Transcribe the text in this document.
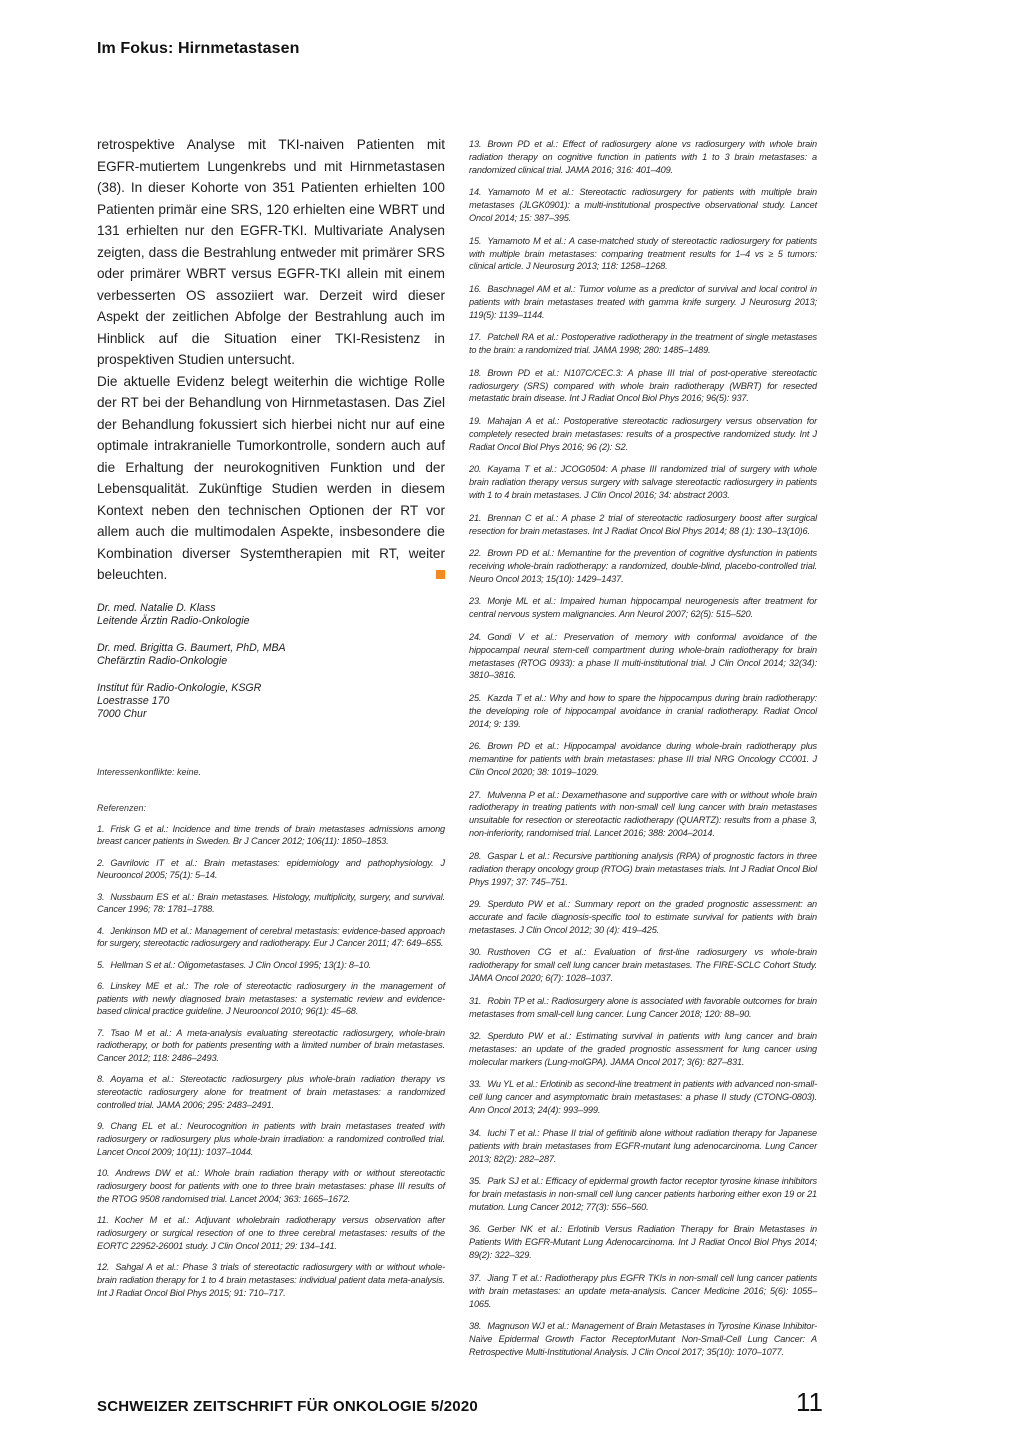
Im Fokus: Hirnmetastasen

retrospektive Analyse mit TKI-naiven Patienten mit EGFR-mutiertem Lungenkrebs und mit Hirnmetastasen (38). In dieser Kohorte von 351 Patienten erhielten 100 Patienten primär eine SRS, 120 erhielten eine WBRT und 131 erhielten nur den EGFR-TKI. Multivariate Analysen zeigten, dass die Bestrahlung entweder mit primärer SRS oder primärer WBRT versus EGFR-TKI allein mit einem verbesserten OS assoziiert war. Derzeit wird dieser Aspekt der zeitlichen Abfolge der Bestrahlung auch im Hinblick auf die Situation einer TKI-Resistenz in prospektiven Studien untersucht.

Die aktuelle Evidenz belegt weiterhin die wichtige Rolle der RT bei der Behandlung von Hirnmetastasen. Das Ziel der Behandlung fokussiert sich hierbei nicht nur auf eine optimale intrakranielle Tumorkontrolle, sondern auch auf die Erhaltung der neurokognitiven Funktion und der Lebensqualität. Zukünftige Studien werden in diesem Kontext neben den technischen Optionen der RT vor allem auch die multimodalen Aspekte, insbesondere die Kombination diverser Systemtherapien mit RT, weiter beleuchten.

Dr. med. Natalie D. Klass
Leitende Ärztin Radio-Onkologie
Dr. med. Brigitta G. Baumert, PhD, MBA
Chefärztin Radio-Onkologie
Institut für Radio-Onkologie, KSGR
Loestrasse 170
7000 Chur
Interessenkonflikte: keine.
Referenzen:

1. Frisk G et al.: Incidence and time trends of brain metastases admissions among breast cancer patients in Sweden. Br J Cancer 2012; 106(11): 1850–1853.

2. Gavrilovic IT et al.: Brain metastases: epidemiology and pathophysiology. J Neurooncol 2005; 75(1): 5–14.

3. Nussbaum ES et al.: Brain metastases. Histology, multiplicity, surgery, and survival. Cancer 1996; 78: 1781–1788.

4. Jenkinson MD et al.: Management of cerebral metastasis: evidence-based approach for surgery, stereotactic radiosurgery and radiotherapy. Eur J Cancer 2011; 47: 649–655.

5. Hellman S et al.: Oligometastases. J Clin Oncol 1995; 13(1): 8–10.

6. Linskey ME et al.: The role of stereotactic radiosurgery in the management of patients with newly diagnosed brain metastases: a systematic review and evidence-based clinical practice guideline. J Neurooncol 2010; 96(1): 45–68.

7. Tsao M et al.: A meta-analysis evaluating stereotactic radiosurgery, whole-brain radiotherapy, or both for patients presenting with a limited number of brain metastases. Cancer 2012; 118: 2486–2493.

8. Aoyama et al.: Stereotactic radiosurgery plus whole-brain radiation therapy vs stereotactic radiosurgery alone for treatment of brain metastases: a randomized controlled trial. JAMA 2006; 295: 2483–2491.

9. Chang EL et al.: Neurocognition in patients with brain metastases treated with radiosurgery or radiosurgery plus whole-brain irradiation: a randomized controlled trial. Lancet Oncol 2009; 10(11): 1037–1044.

10. Andrews DW et al.: Whole brain radiation therapy with or without stereotactic radiosurgery boost for patients with one to three brain metastases: phase III results of the RTOG 9508 randomised trial. Lancet 2004; 363: 1665–1672.

11. Kocher M et al.: Adjuvant wholebrain radiotherapy versus observation after radiosurgery or surgical resection of one to three cerebral metastases: results of the EORTC 22952-26001 study. J Clin Oncol 2011; 29: 134–141.

12. Sahgal A et al.: Phase 3 trials of stereotactic radiosurgery with or without whole-brain radiation therapy for 1 to 4 brain metastases: individual patient data meta-analysis. Int J Radiat Oncol Biol Phys 2015; 91: 710–717.

13. Brown PD et al.: Effect of radiosurgery alone vs radiosurgery with whole brain radiation therapy on cognitive function in patients with 1 to 3 brain metastases: a randomized clinical trial. JAMA 2016; 316: 401–409.

14. Yamamoto M et al.: Stereotactic radiosurgery for patients with multiple brain metastases (JLGK0901): a multi-institutional prospective observational study. Lancet Oncol 2014; 15: 387–395.

15. Yamamoto M et al.: A case-matched study of stereotactic radiosurgery for patients with multiple brain metastases: comparing treatment results for 1–4 vs ≥ 5 tumors: clinical article. J Neurosurg 2013; 118: 1258–1268.

16. Baschnagel AM et al.: Tumor volume as a predictor of survival and local control in patients with brain metastases treated with gamma knife surgery. J Neurosurg 2013; 119(5): 1139–1144.

17. Patchell RA et al.: Postoperative radiotherapy in the treatment of single metastases to the brain: a randomized trial. JAMA 1998; 280: 1485–1489.

18. Brown PD et al.: N107C/CEC.3: A phase III trial of post-operative stereotactic radiosurgery (SRS) compared with whole brain radiotherapy (WBRT) for resected metastatic brain disease. Int J Radiat Oncol Biol Phys 2016; 96(5): 937.

19. Mahajan A et al.: Postoperative stereotactic radiosurgery versus observation for completely resected brain metastases: results of a prospective randomized study. Int J Radiat Oncol Biol Phys 2016; 96 (2): S2.

20. Kayama T et al.: JCOG0504: A phase III randomized trial of surgery with whole brain radiation therapy versus surgery with salvage stereotactic radiosurgery in patients with 1 to 4 brain metastases. J Clin Oncol 2016; 34: abstract 2003.

21. Brennan C et al.: A phase 2 trial of stereotactic radiosurgery boost after surgical resection for brain metastases. Int J Radiat Oncol Biol Phys 2014; 88 (1): 130–13(10)6.

22. Brown PD et al.: Memantine for the prevention of cognitive dysfunction in patients receiving whole-brain radiotherapy: a randomized, double-blind, placebo-controlled trial. Neuro Oncol 2013; 15(10): 1429–1437.

23. Monje ML et al.: Impaired human hippocampal neurogenesis after treatment for central nervous system malignancies. Ann Neurol 2007; 62(5): 515–520.

24. Gondi V et al.: Preservation of memory with conformal avoidance of the hippocampal neural stem-cell compartment during whole-brain radiotherapy for brain metastases (RTOG 0933): a phase II multi-institutional trial. J Clin Oncol 2014; 32(34): 3810–3816.

25. Kazda T et al.: Why and how to spare the hippocampus during brain radiotherapy: the developing role of hippocampal avoidance in cranial radiotherapy. Radiat Oncol 2014; 9: 139.

26. Brown PD et al.: Hippocampal avoidance during whole-brain radiotherapy plus memantine for patients with brain metastases: phase III trial NRG Oncology CC001. J Clin Oncol 2020; 38: 1019–1029.

27. Mulvenna P et al.: Dexamethasone and supportive care with or without whole brain radiotherapy in treating patients with non-small cell lung cancer with brain metastases unsuitable for resection or stereotactic radiotherapy (QUARTZ): results from a phase 3, non-inferiority, randomised trial. Lancet 2016; 388: 2004–2014.

28. Gaspar L et al.: Recursive partitioning analysis (RPA) of prognostic factors in three radiation therapy oncology group (RTOG) brain metastases trials. Int J Radiat Oncol Biol Phys 1997; 37: 745–751.

29. Sperduto PW et al.: Summary report on the graded prognostic assessment: an accurate and facile diagnosis-specific tool to estimate survival for patients with brain metastases. J Clin Oncol 2012; 30 (4): 419–425.

30. Rusthoven CG et al.: Evaluation of first-line radiosurgery vs whole-brain radiotherapy for small cell lung cancer brain metastases. The FIRE-SCLC Cohort Study. JAMA Oncol 2020; 6(7): 1028–1037.

31. Robin TP et al.: Radiosurgery alone is associated with favorable outcomes for brain metastases from small-cell lung cancer. Lung Cancer 2018; 120: 88–90.

32. Sperduto PW et al.: Estimating survival in patients with lung cancer and brain metastases: an update of the graded prognostic assessment for lung cancer using molecular markers (Lung-molGPA). JAMA Oncol 2017; 3(6): 827–831.

33. Wu YL et al.: Erlotinib as second-line treatment in patients with advanced non-small-cell lung cancer and asymptomatic brain metastases: a phase II study (CTONG-0803). Ann Oncol 2013; 24(4): 993–999.

34. Iuchi T et al.: Phase II trial of gefitinib alone without radiation therapy for Japanese patients with brain metastases from EGFR-mutant lung adenocarcinoma. Lung Cancer 2013; 82(2): 282–287.

35. Park SJ et al.: Efficacy of epidermal growth factor receptor tyrosine kinase inhibitors for brain metastasis in non-small cell lung cancer patients harboring either exon 19 or 21 mutation. Lung Cancer 2012; 77(3): 556–560.

36. Gerber NK et al.: Erlotinib Versus Radiation Therapy for Brain Metastases in Patients With EGFR-Mutant Lung Adenocarcinoma. Int J Radiat Oncol Biol Phys 2014; 89(2): 322–329.

37. Jiang T et al.: Radiotherapy plus EGFR TKIs in non-small cell lung cancer patients with brain metastases: an update meta-analysis. Cancer Medicine 2016; 5(6): 1055–1065.

38. Magnuson WJ et al.: Management of Brain Metastases in Tyrosine Kinase Inhibitor-Naïve Epidermal Growth Factor ReceptorMutant Non-Small-Cell Lung Cancer: A Retrospective Multi-Institutional Analysis. J Clin Oncol 2017; 35(10): 1070–1077.

SCHWEIZER ZEITSCHRIFT FÜR ONKOLOGIE 5/2020	11
